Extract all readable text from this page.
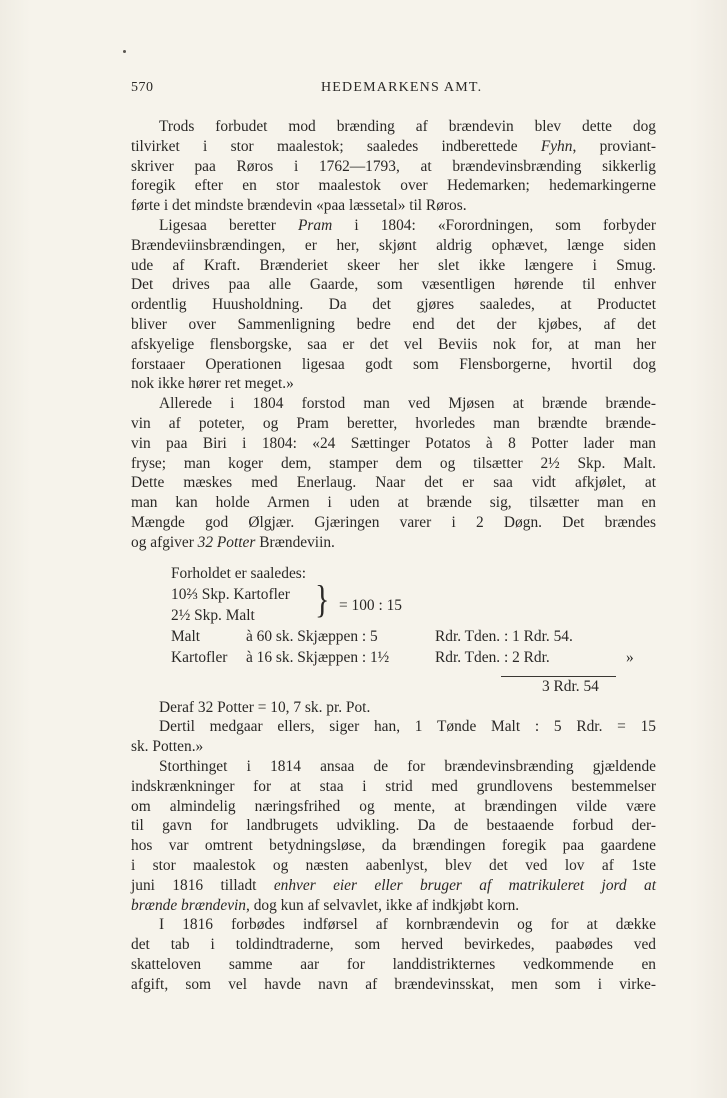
570	HEDEMARKENS AMT.
Trods forbudet mod brænding af brændevin blev dette dog
tilvirket i stor maalestok; saaledes indberettede Fyhn, proviant-
skriver paa Røros i 1762—1793, at brændevinsbrænding sikkerlig
foregik efter en stor maalestok over Hedemarken; hedemarkingerne
førte i det mindste brændevin «paa læssetal» til Røros.
Ligesaa beretter Pram i 1804: «Forordningen, som forbyder
Brændeviinsbrændingen, er her, skjønt aldrig ophævet, længe siden
ude af Kraft. Brænderiet skeer her slet ikke længere i Smug.
Det drives paa alle Gaarde, som væsentligen hørende til enhver
ordentlig Huusholdning. Da det gjøres saaledes, at Productet
bliver over Sammenligning bedre end det der kjøbes, af det
afskyelige flensborgske, saa er det vel Beviis nok for, at man her
forstaaer Operationen ligesaa godt som Flensborgerne, hvortil dog
nok ikke hører ret meget.»
Allerede i 1804 forstod man ved Mjøsen at brænde brænde-
vin af poteter, og Pram beretter, hvorledes man brændte brænde-
vin paa Biri i 1804: «24 Sættinger Potatos à 8 Potter lader man
fryse; man koger dem, stamper dem og tilsætter 2½ Skp. Malt.
Dette mæskes med Enerlaug. Naar det er saa vidt afkjølet, at
man kan holde Armen i uden at brænde sig, tilsætter man en
Mængde god Ølgjær. Gjæringen varer i 2 Døgn. Det brændes
og afgiver 32 Potter Brændeviin.
Forholdet er saaledes:
10⅔ Skp. Kartofler
2½ Skp. Malt	} = 100 : 15
Malt	à 60 sk. Skjæppen : 5	Rdr. Tden. : 1 Rdr. 54.
Kartofler à 16 sk. Skjæppen : 1½	Rdr. Tden. : 2 Rdr.	»
3 Rdr. 54
Deraf 32 Potter = 10, 7 sk. pr. Pot.
Dertil medgaar ellers, siger han, 1 Tønde Malt : 5 Rdr. = 15
sk. Potten.»
Storthinget i 1814 ansaa de for brændevinsbrænding gjældende
indskrænkninger for at staa i strid med grundlovens bestemmelser
om almindelig næringsfrihed og mente, at brændingen vilde være
til gavn for landbrugets udvikling. Da de bestaaende forbud der-
hos var omtrent betydningsløse, da brændingen foregik paa gaardene
i stor maalestok og næsten aabenlyst, blev det ved lov af 1ste
juni 1816 tilladt enhver eier eller bruger af matrikuleret jord at
brænde brændevin, dog kun af selvavlet, ikke af indkjøbt korn.
I 1816 forbødes indførsel af kornbrændevin og for at dække
det tab i toldindtraderne, som herved bevirkedes, paabødes ved
skatteloven samme aar for landdistrikternes vedkommende en
afgift, som vel havde navn af brændevinsskat, men som i virke-
